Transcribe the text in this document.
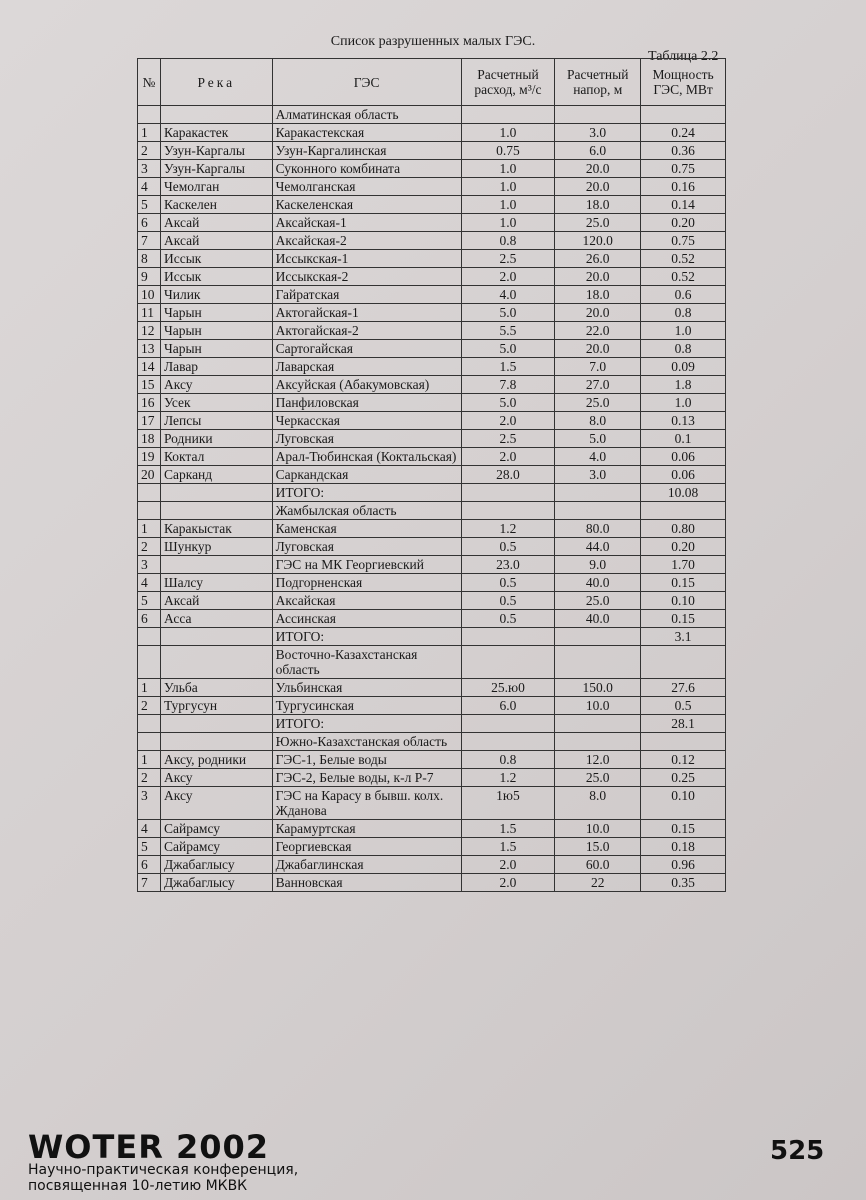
Список разрушенных малых ГЭС.
Таблица 2.2
№	Река	ГЭС	Расчетный расход, м³/с	Расчетный напор, м	Мощность ГЭС, МВт
		Алматинская область			
1	Каракастек	Каракастекская	1.0	3.0	0.24
2	Узун-Каргалы	Узун-Каргалинская	0.75	6.0	0.36
3	Узун-Каргалы	Суконного комбината	1.0	20.0	0.75
4	Чемолган	Чемолганская	1.0	20.0	0.16
5	Каскелен	Каскеленская	1.0	18.0	0.14
6	Аксай	Аксайская-1	1.0	25.0	0.20
7	Аксай	Аксайская-2	0.8	120.0	0.75
8	Иссык	Иссыкская-1	2.5	26.0	0.52
9	Иссык	Иссыкская-2	2.0	20.0	0.52
10	Чилик	Гайратская	4.0	18.0	0.6
11	Чарын	Актогайская-1	5.0	20.0	0.8
12	Чарын	Актогайская-2	5.5	22.0	1.0
13	Чарын	Сартогайская	5.0	20.0	0.8
14	Лавар	Лаварская	1.5	7.0	0.09
15	Аксу	Аксуйская (Абакумовская)	7.8	27.0	1.8
16	Усек	Панфиловская	5.0	25.0	1.0
17	Лепсы	Черкасская	2.0	8.0	0.13
18	Родники	Луговская	2.5	5.0	0.1
19	Коктал	Арал-Тюбинская (Коктальская)	2.0	4.0	0.06
20	Сарканд	Саркандская	28.0	3.0	0.06
		ИТОГО:			10.08
		Жамбылская область			
1	Каракыстак	Каменская	1.2	80.0	0.80
2	Шункур	Луговская	0.5	44.0	0.20
3		ГЭС на МК Георгиевский	23.0	9.0	1.70
4	Шалсу	Подгорненская	0.5	40.0	0.15
5	Аксай	Аксайская	0.5	25.0	0.10
6	Асса	Ассинская	0.5	40.0	0.15
		ИТОГО:			3.1
		Восточно-Казахстанская область			
1	Ульба	Ульбинская	25.ю0	150.0	27.6
2	Тургусун	Тургусинская	6.0	10.0	0.5
		ИТОГО:			28.1
		Южно-Казахстанская область			
1	Аксу, родники	ГЭС-1, Белые воды	0.8	12.0	0.12
2	Аксу	ГЭС-2, Белые воды, к-л Р-7	1.2	25.0	0.25
3	Аксу	ГЭС на Карасу в бывш. колх. Жданова	1ю5	8.0	0.10
4	Сайрамсу	Карамуртская	1.5	10.0	0.15
5	Сайрамсу	Георгиевская	1.5	15.0	0.18
6	Джабаглысу	Джабаглинская	2.0	60.0	0.96
7	Джабаглысу	Ванновская	2.0	22	0.35
WOTER 2002
Научно-практическая конференция,
посвященная 10-летию МКВК
525
